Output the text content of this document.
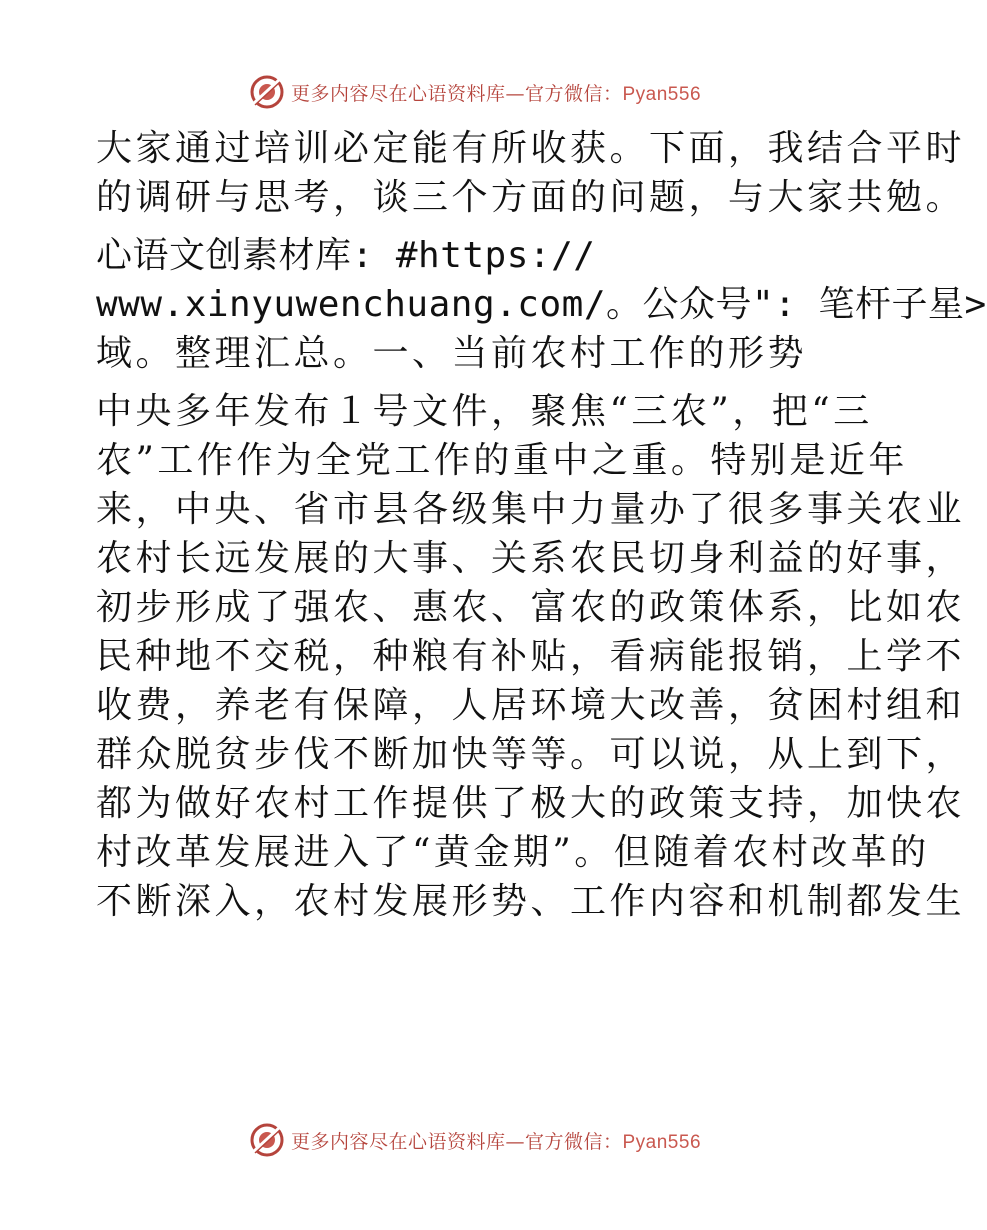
更多内容尽在心语资料库—官方微信：Pyan556
大家通过培训必定能有所收获。下面，我结合平时
的调研与思考，谈三个方面的问题，与大家共勉。
心语文创素材库: #https://
www.xinyuwenchuang.com/。公众号": 笔杆子星>
域。整理汇总。一、当前农村工作的形势
中央多年发布１号文件，聚焦“三农”，把“三
农”工作作为全党工作的重中之重。特别是近年
来，中央、省市县各级集中力量办了很多事关农业
农村长远发展的大事、关系农民切身利益的好事，
初步形成了强农、惠农、富农的政策体系，比如农
民种地不交税，种粮有补贴，看病能报销，上学不
收费，养老有保障，人居环境大改善，贫困村组和
群众脱贫步伐不断加快等等。可以说，从上到下，
都为做好农村工作提供了极大的政策支持，加快农
村改革发展进入了“黄金期”。但随着农村改革的
不断深入，农村发展形势、工作内容和机制都发生
更多内容尽在心语资料库—官方微信：Pyan556
